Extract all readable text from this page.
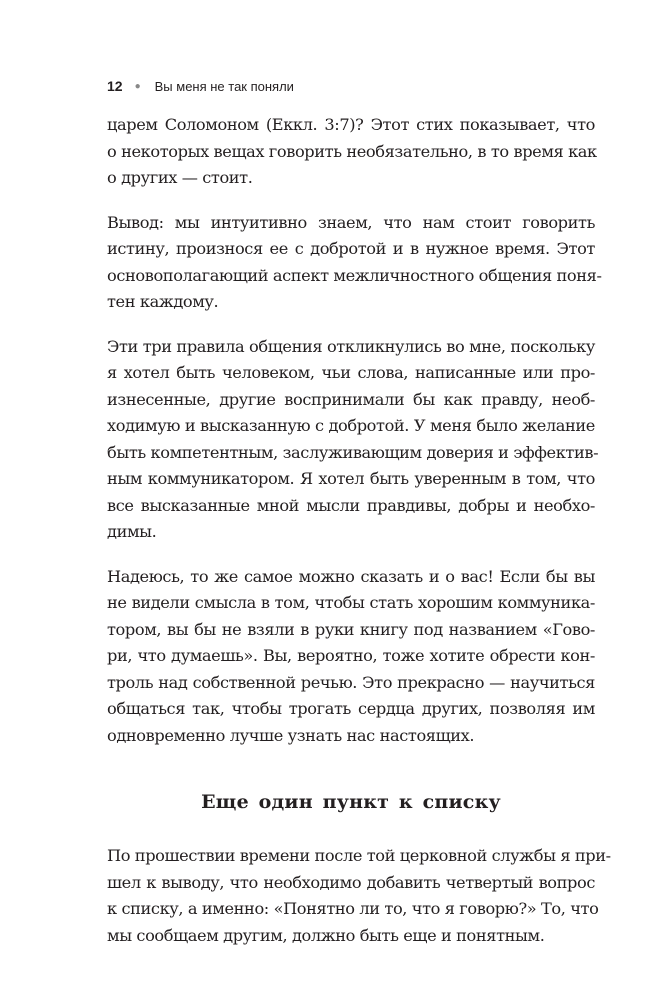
12 ● Вы меня не так поняли
царем Соломоном (Еккл. 3:7)? Этот стих показывает, что
о некоторых вещах говорить необязательно, в то время как
о других — стоит.
Вывод: мы интуитивно знаем, что нам стоит говорить
истину, произнося ее с добротой и в нужное время. Этот
основополагающий аспект межличностного общения поня-
тен каждому.
Эти три правила общения откликнулись во мне, поскольку
я хотел быть человеком, чьи слова, написанные или про-
изнесенные, другие воспринимали бы как правду, необ-
ходимую и высказанную с добротой. У меня было желание
быть компетентным, заслуживающим доверия и эффектив-
ным коммуникатором. Я хотел быть уверенным в том, что
все высказанные мной мысли правдивы, добры и необхо-
димы.
Надеюсь, то же самое можно сказать и о вас! Если бы вы
не видели смысла в том, чтобы стать хорошим коммуника-
тором, вы бы не взяли в руки книгу под названием «Гово-
ри, что думаешь». Вы, вероятно, тоже хотите обрести кон-
троль над собственной речью. Это прекрасно — научиться
общаться так, чтобы трогать сердца других, позволяя им
одновременно лучше узнать нас настоящих.
Еще один пункт к списку
По прошествии времени после той церковной службы я при-
шел к выводу, что необходимо добавить четвертый вопрос
к списку, а именно: «Понятно ли то, что я говорю?» То, что
мы сообщаем другим, должно быть еще и понятным.
